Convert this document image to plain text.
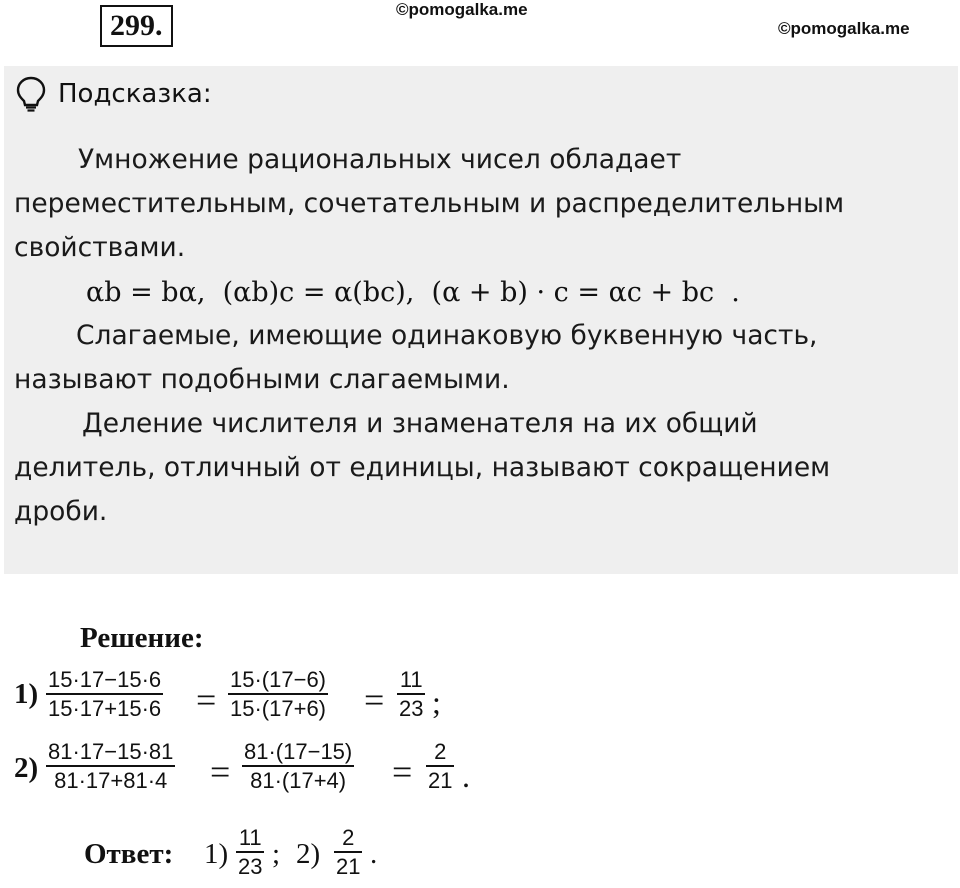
299.	©pomogalka.me
©pomogalka.me
Подсказка:
Умножение рациональных чисел обладает
переместительным, сочетательным и распределительным
свойствами.
αb = bα, (αb)c = α(bc), (α + b) · c = αc + bc .
Слагаемые, имеющие одинаковую буквенную часть,
называют подобными слагаемыми.
Деление числителя и знаменателя на их общий
делитель, отличный от единицы, называют сокращением
дроби.
Решение:
1) 15·17−15·6
15·17+15·6 =
15·(17−6)
15·(17+6) =
11
23 ;
2)
81·17−15·81
81·17+81·4 =
81·(17−15)
81·(17+4) =
2
21 .
Ответ: 1)
11
23 ; 2)
2
21 .
